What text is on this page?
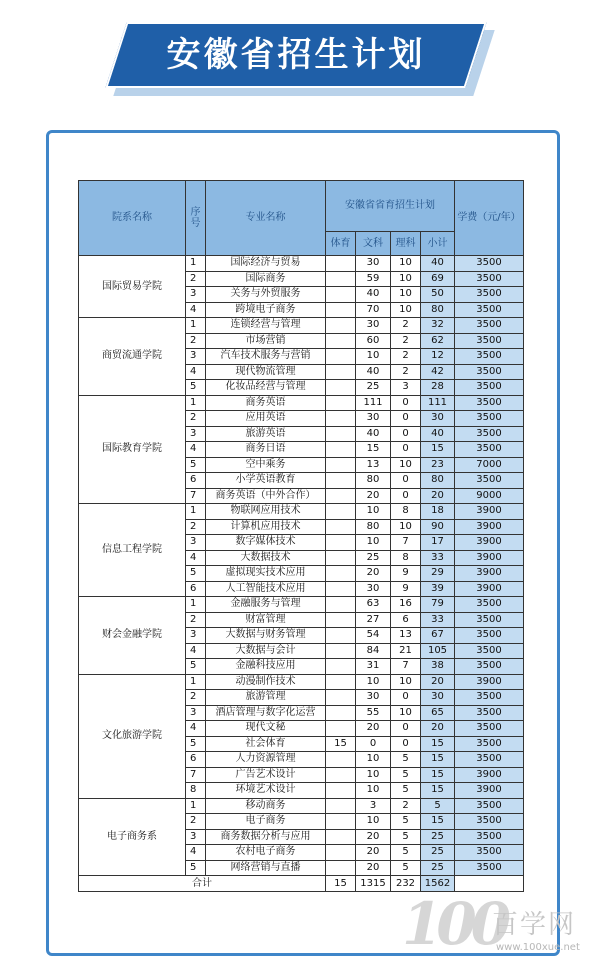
安徽省招生计划
院系名称	序号	专业名称	安徽省省育招生计划				学费（元/年）
			体育	文科	理科	小计	
国际贸易学院	1	国际经济与贸易		30	10	40	3500
	2	国际商务		59	10	69	3500
	3	关务与外贸服务		40	10	50	3500
	4	跨境电子商务		70	10	80	3500
商贸流通学院	1	连锁经营与管理		30	2	32	3500
	2	市场营销		60	2	62	3500
	3	汽车技术服务与营销		10	2	12	3500
	4	现代物流管理		40	2	42	3500
	5	化妆品经营与管理		25	3	28	3500
国际教育学院	1	商务英语		111	0	111	3500
	2	应用英语		30	0	30	3500
	3	旅游英语		40	0	40	3500
	4	商务日语		15	0	15	3500
	5	空中乘务		13	10	23	7000
	6	小学英语教育		80	0	80	3500
	7	商务英语（中外合作）		20	0	20	9000
信息工程学院	1	物联网应用技术		10	8	18	3900
	2	计算机应用技术		80	10	90	3900
	3	数字媒体技术		10	7	17	3900
	4	大数据技术		25	8	33	3900
	5	虚拟现实技术应用		20	9	29	3900
	6	人工智能技术应用		30	9	39	3900
财会金融学院	1	金融服务与管理		63	16	79	3500
	2	财富管理		27	6	33	3500
	3	大数据与财务管理		54	13	67	3500
	4	大数据与会计		84	21	105	3500
	5	金融科技应用		31	7	38	3500
文化旅游学院	1	动漫制作技术		10	10	20	3900
	2	旅游管理		30	0	30	3500
	3	酒店管理与数字化运营		55	10	65	3500
	4	现代文秘		20	0	20	3500
	5	社会体育	15	0	0	15	3500
	6	人力资源管理		10	5	15	3500
	7	广告艺术设计		10	5	15	3900
	8	环境艺术设计		10	5	15	3900
电子商务系	1	移动商务		3	2	5	3500
	2	电子商务		10	5	15	3500
	3	商务数据分析与应用		20	5	25	3500
	4	农村电子商务		20	5	25	3500
	5	网络营销与直播		20	5	25	3500
合计			15	1315	232	1562	
100
百学网
www.100xue.net
